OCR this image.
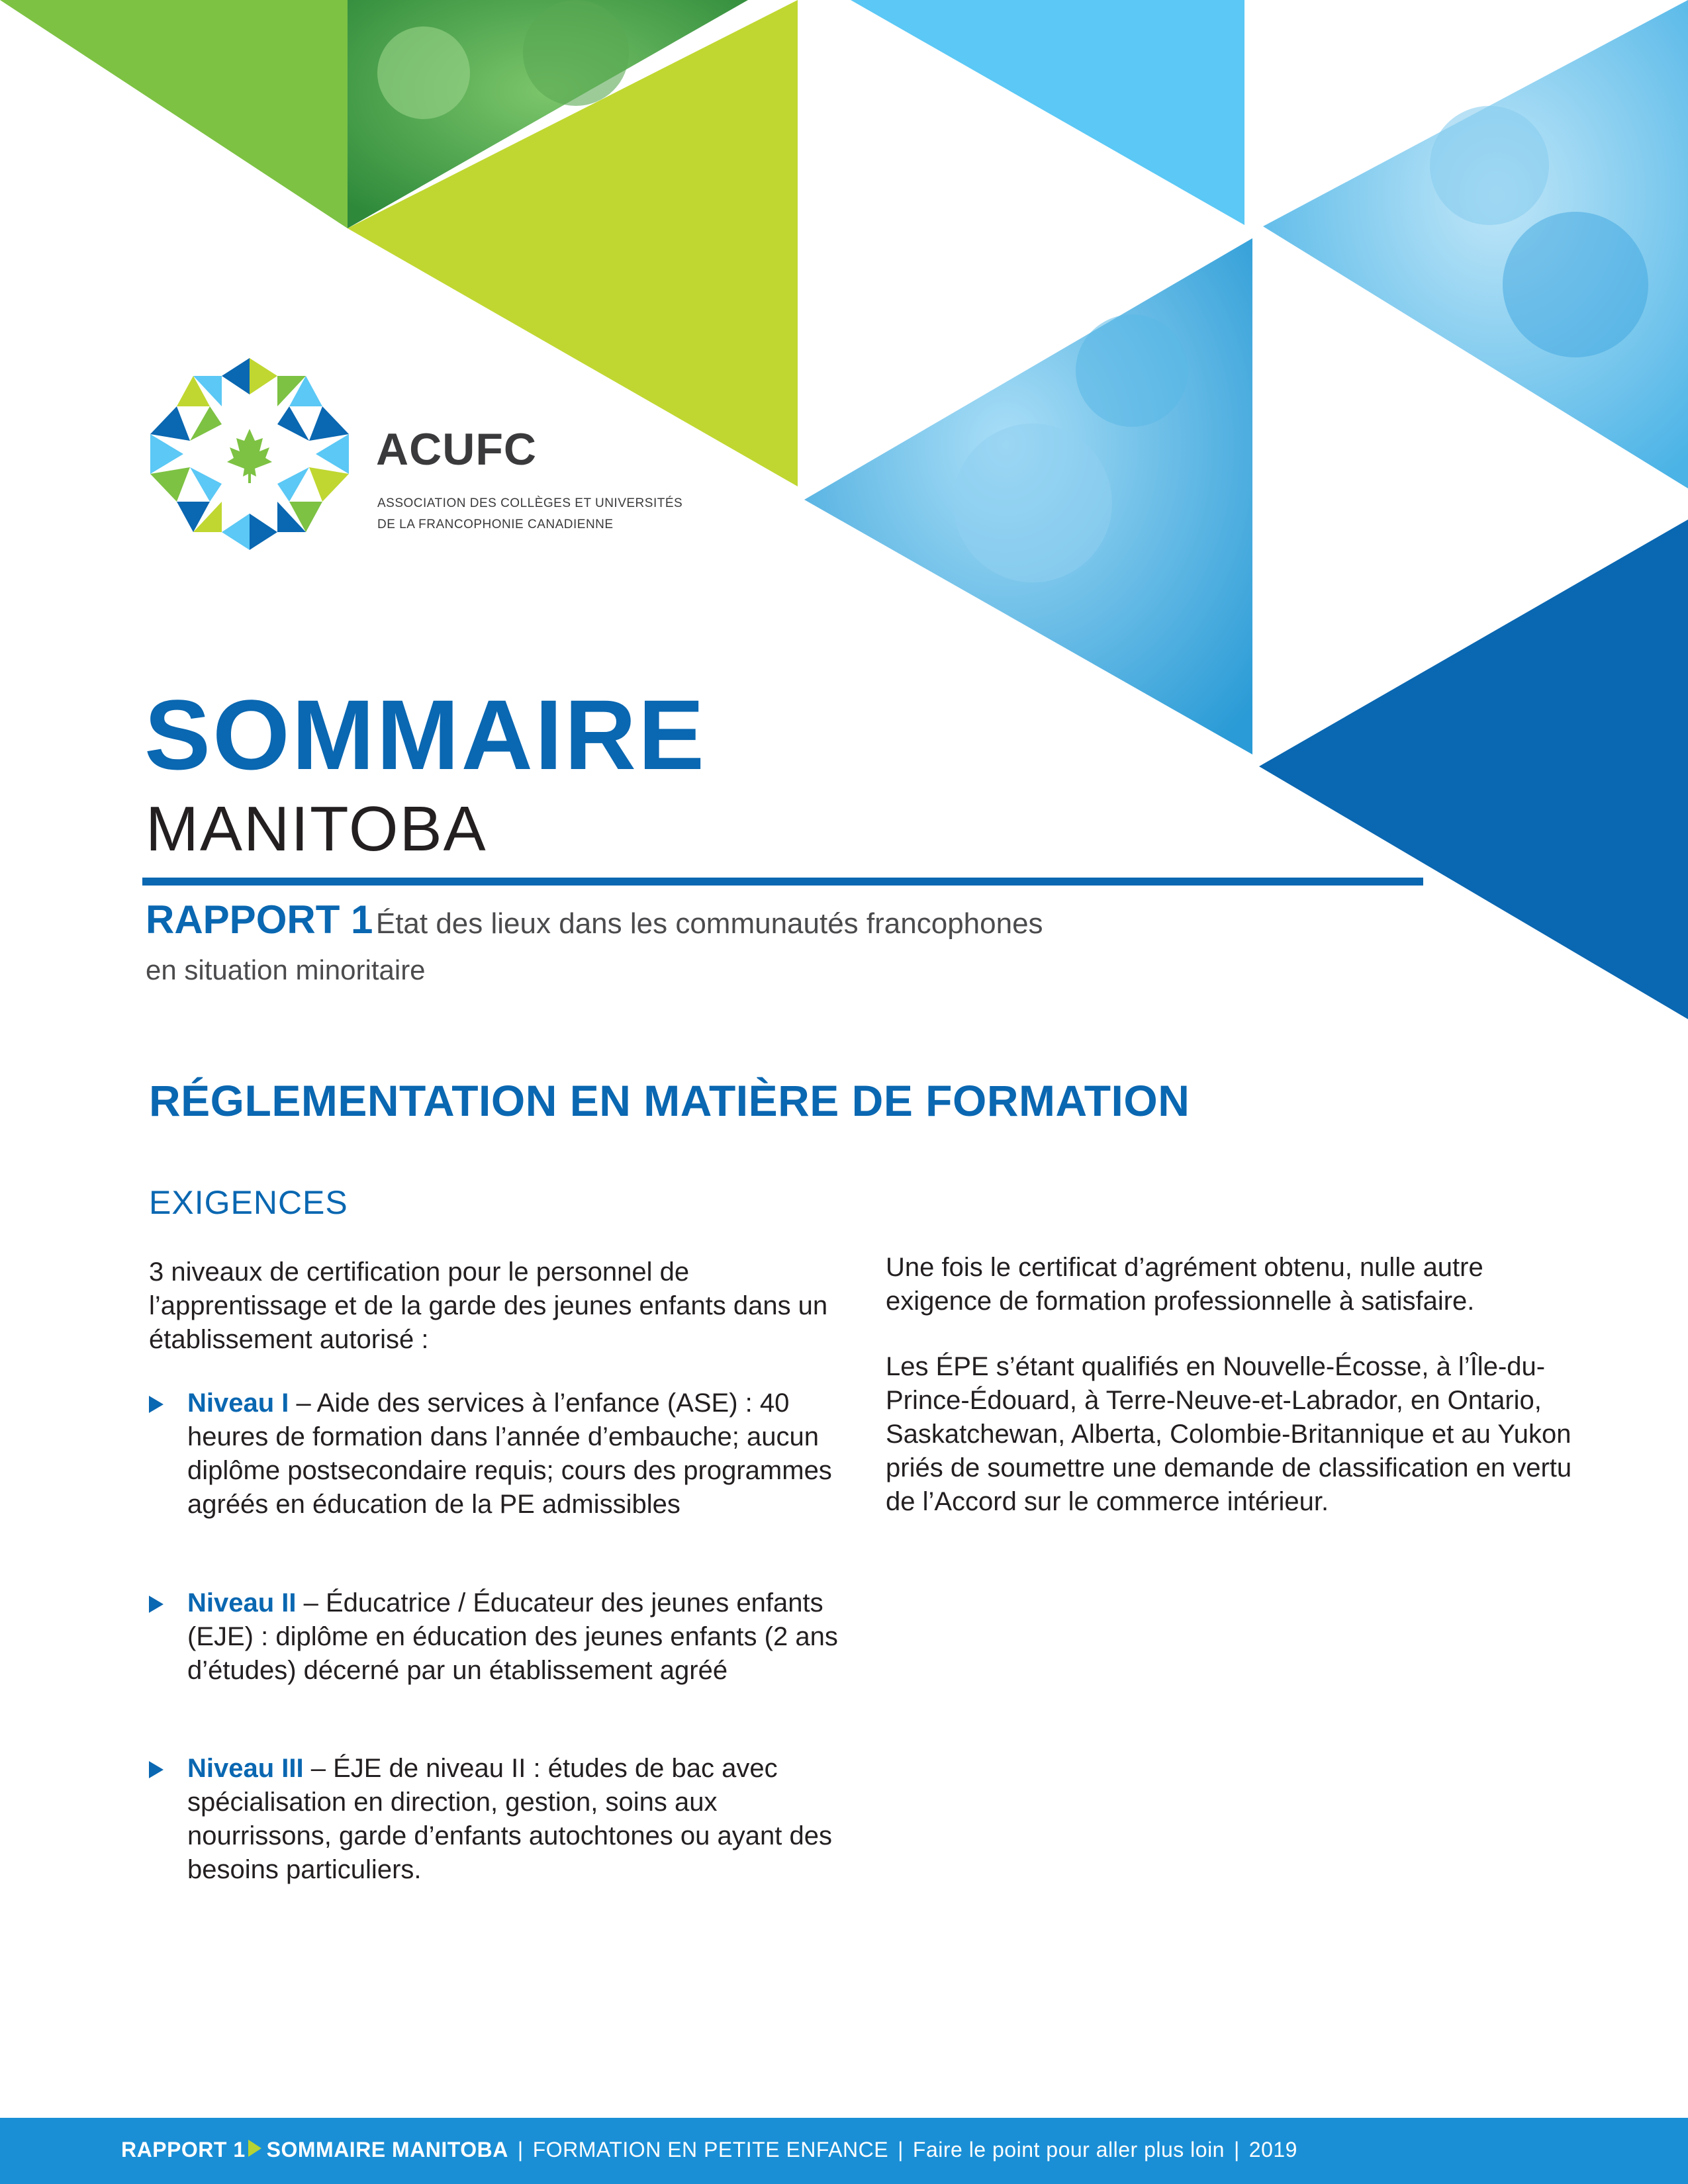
ACUFC
ASSOCIATION DES COLLÈGES ET UNIVERSITÉS
DE LA FRANCOPHONIE CANADIENNE
SOMMAIRE
MANITOBA
RAPPORT 1 État des lieux dans les communautés francophones
en situation minoritaire
RÉGLEMENTATION EN MATIÈRE DE FORMATION
EXIGENCES
3 niveaux de certification pour le personnel de l’apprentissage et de la garde des jeunes enfants dans un établissement autorisé :
Niveau I – Aide des services à l’enfance (ASE) : 40 heures de formation dans l’année d’embauche; aucun diplôme postsecondaire requis; cours des programmes agréés en éducation de la PE admissibles
Niveau II – Éducatrice / Éducateur des jeunes enfants (EJE) : diplôme en éducation des jeunes enfants (2 ans d’études) décerné par un établissement agréé
Niveau III – ÉJE de niveau II : études de bac avec spécialisation en direction, gestion, soins aux nourrissons, garde d’enfants autochtones ou ayant des besoins particuliers.
Une fois le certificat d’agrément obtenu, nulle autre exigence de formation professionnelle à satisfaire.
Les ÉPE s’étant qualifiés en Nouvelle-Écosse, à l’Île-du-Prince-Édouard, à Terre-Neuve-et-Labrador, en Ontario, Saskatchewan, Alberta, Colombie-Britannique et au Yukon priés de soumettre une demande de classification en vertu de l’Accord sur le commerce intérieur.
RAPPORT 1 SOMMAIRE MANITOBA | FORMATION EN PETITE ENFANCE | Faire le point pour aller plus loin | 2019
